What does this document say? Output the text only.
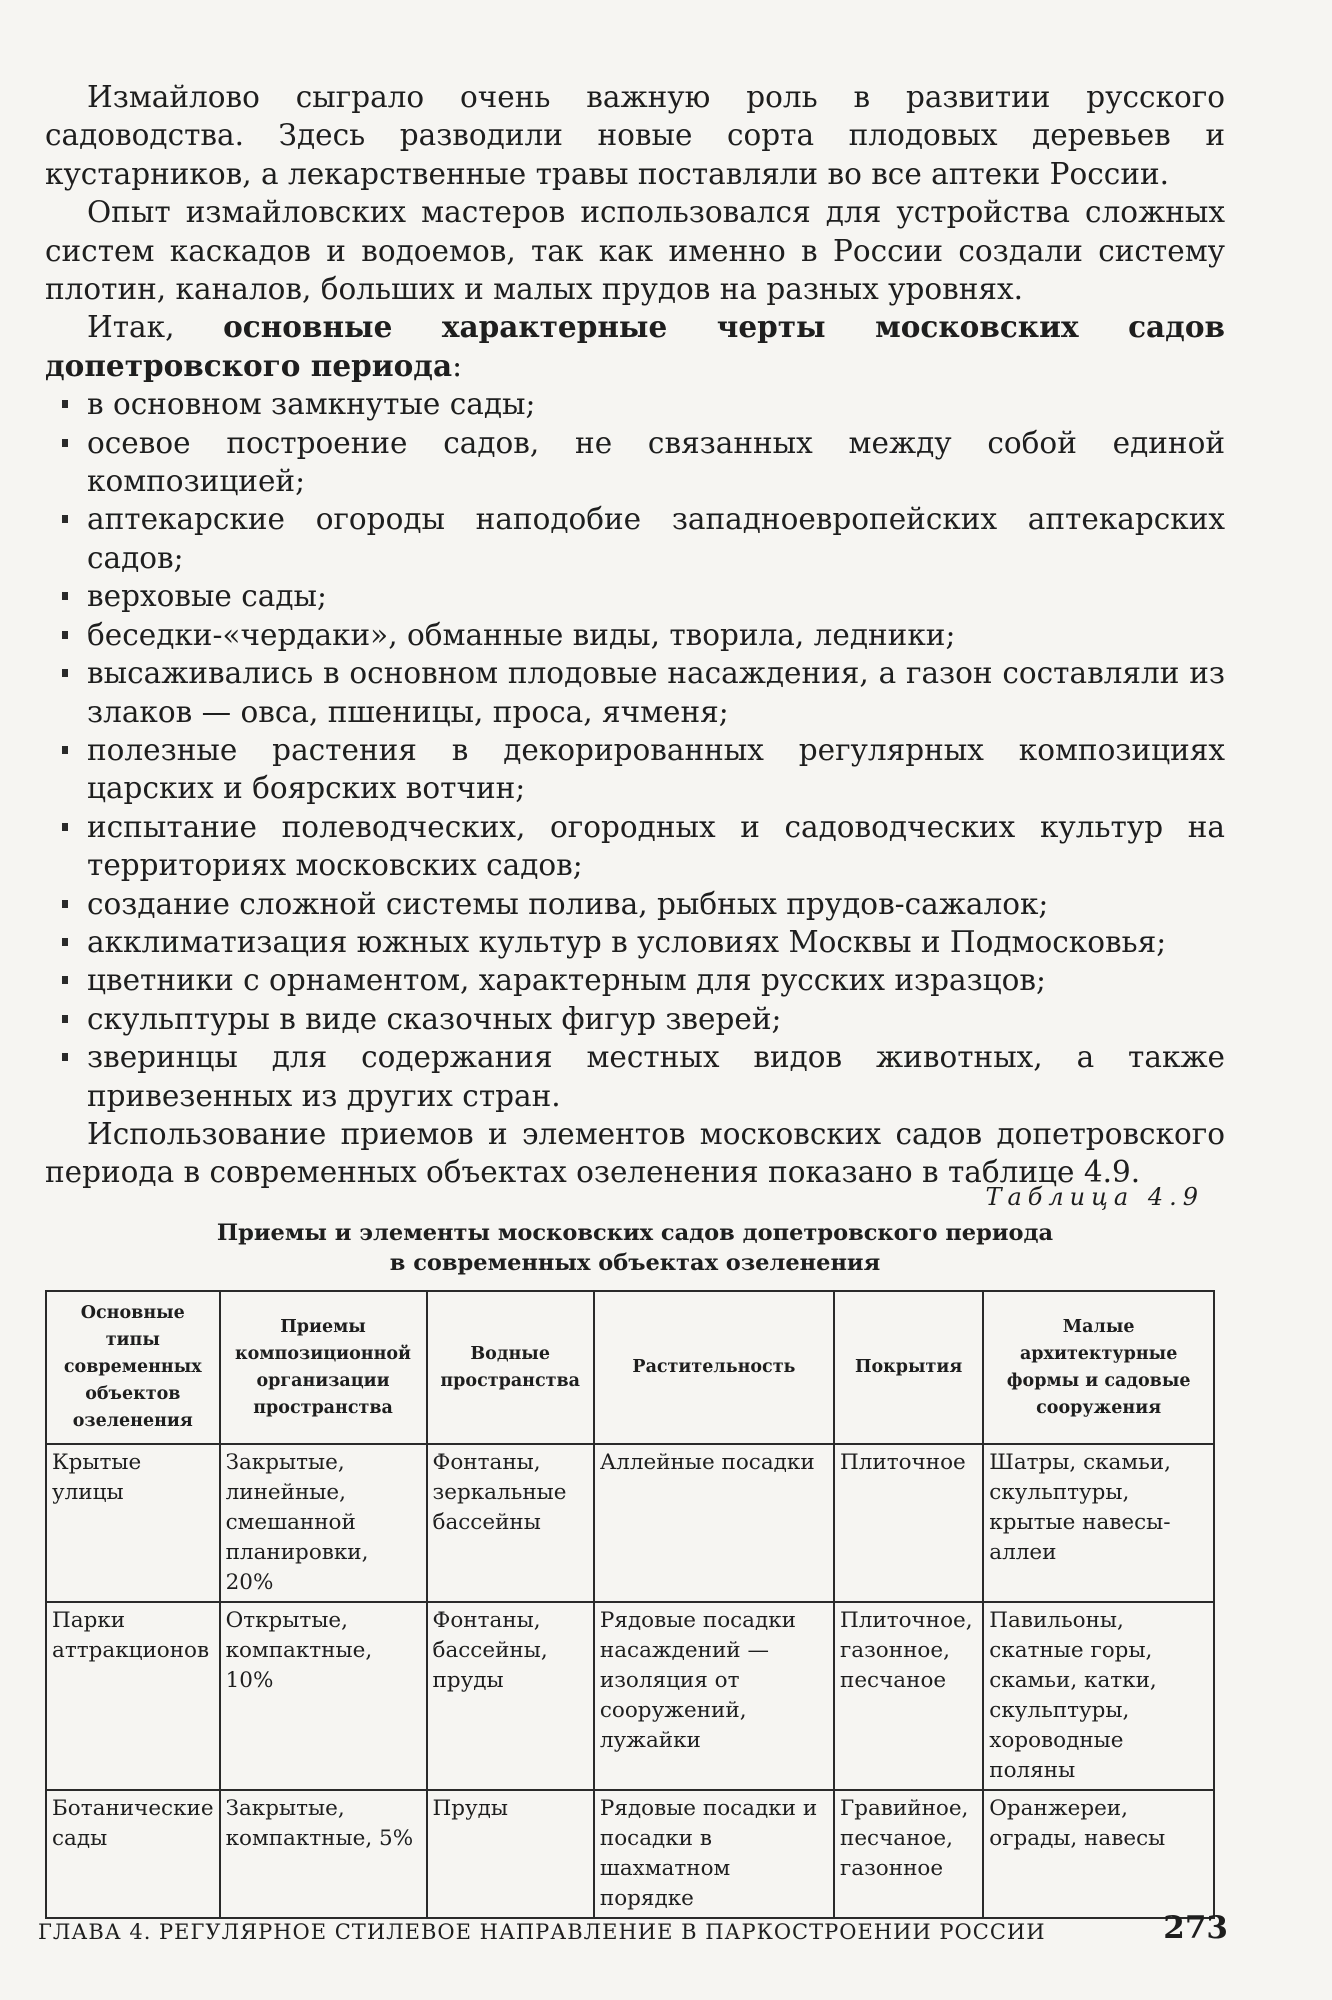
Измайлово сыграло очень важную роль в развитии русского садоводства. Здесь разводили новые сорта плодовых деревьев и кустарников, а лекарственные травы поставляли во все аптеки России.

Опыт измайловских мастеров использовался для устройства сложных систем каскадов и водоемов, так как именно в России создали систему плотин, каналов, больших и малых прудов на разных уровнях.

Итак, основные характерные черты московских садов допетровского периода:

в основном замкнутые сады;
осевое построение садов, не связанных между собой единой композицией;
аптекарские огороды наподобие западноевропейских аптекарских садов;
верховые сады;
беседки-«чердаки», обманные виды, творила, ледники;
высаживались в основном плодовые насаждения, а газон составляли из злаков — овса, пшеницы, проса, ячменя;
полезные растения в декорированных регулярных композициях царских и боярских вотчин;
испытание полеводческих, огородных и садоводческих культур на территориях московских садов;
создание сложной системы полива, рыбных прудов-сажалок;
акклиматизация южных культур в условиях Москвы и Подмосковья;
цветники с орнаментом, характерным для русских изразцов;
скульптуры в виде сказочных фигур зверей;
зверинцы для содержания местных видов животных, а также привезенных из других стран.

Использование приемов и элементов московских садов допетровского периода в современных объектах озеленения показано в таблице 4.9.

Таблица 4.9
Приемы и элементы московских садов допетровского периода
в современных объектах озеленения
Основные типы современных объектов озеленения	Приемы композиционной организации пространства	Водные пространства	Растительность	Покрытия	Малые архитектурные формы и садовые сооружения
Крытые улицы	Закрытые, линейные, смешанной планировки, 20%	Фонтаны, зеркальные бассейны	Аллейные посадки	Плиточное	Шатры, скамьи, скульптуры, крытые навесы-аллеи
Парки аттракционов	Открытые, компактные, 10%	Фонтаны, бассейны, пруды	Рядовые посадки насаждений — изоляция от сооружений, лужайки	Плиточное, газонное, песчаное	Павильоны, скатные горы, скамьи, катки, скульптуры, хороводные поляны
Ботанические сады	Закрытые, компактные, 5%	Пруды	Рядовые посадки и посадки в шахматном порядке	Гравийное, песчаное, газонное	Оранжереи, ограды, навесы
ГЛАВА 4. РЕГУЛЯРНОЕ СТИЛЕВОЕ НАПРАВЛЕНИЕ В ПАРКОСТРОЕНИИ РОССИИ	273
